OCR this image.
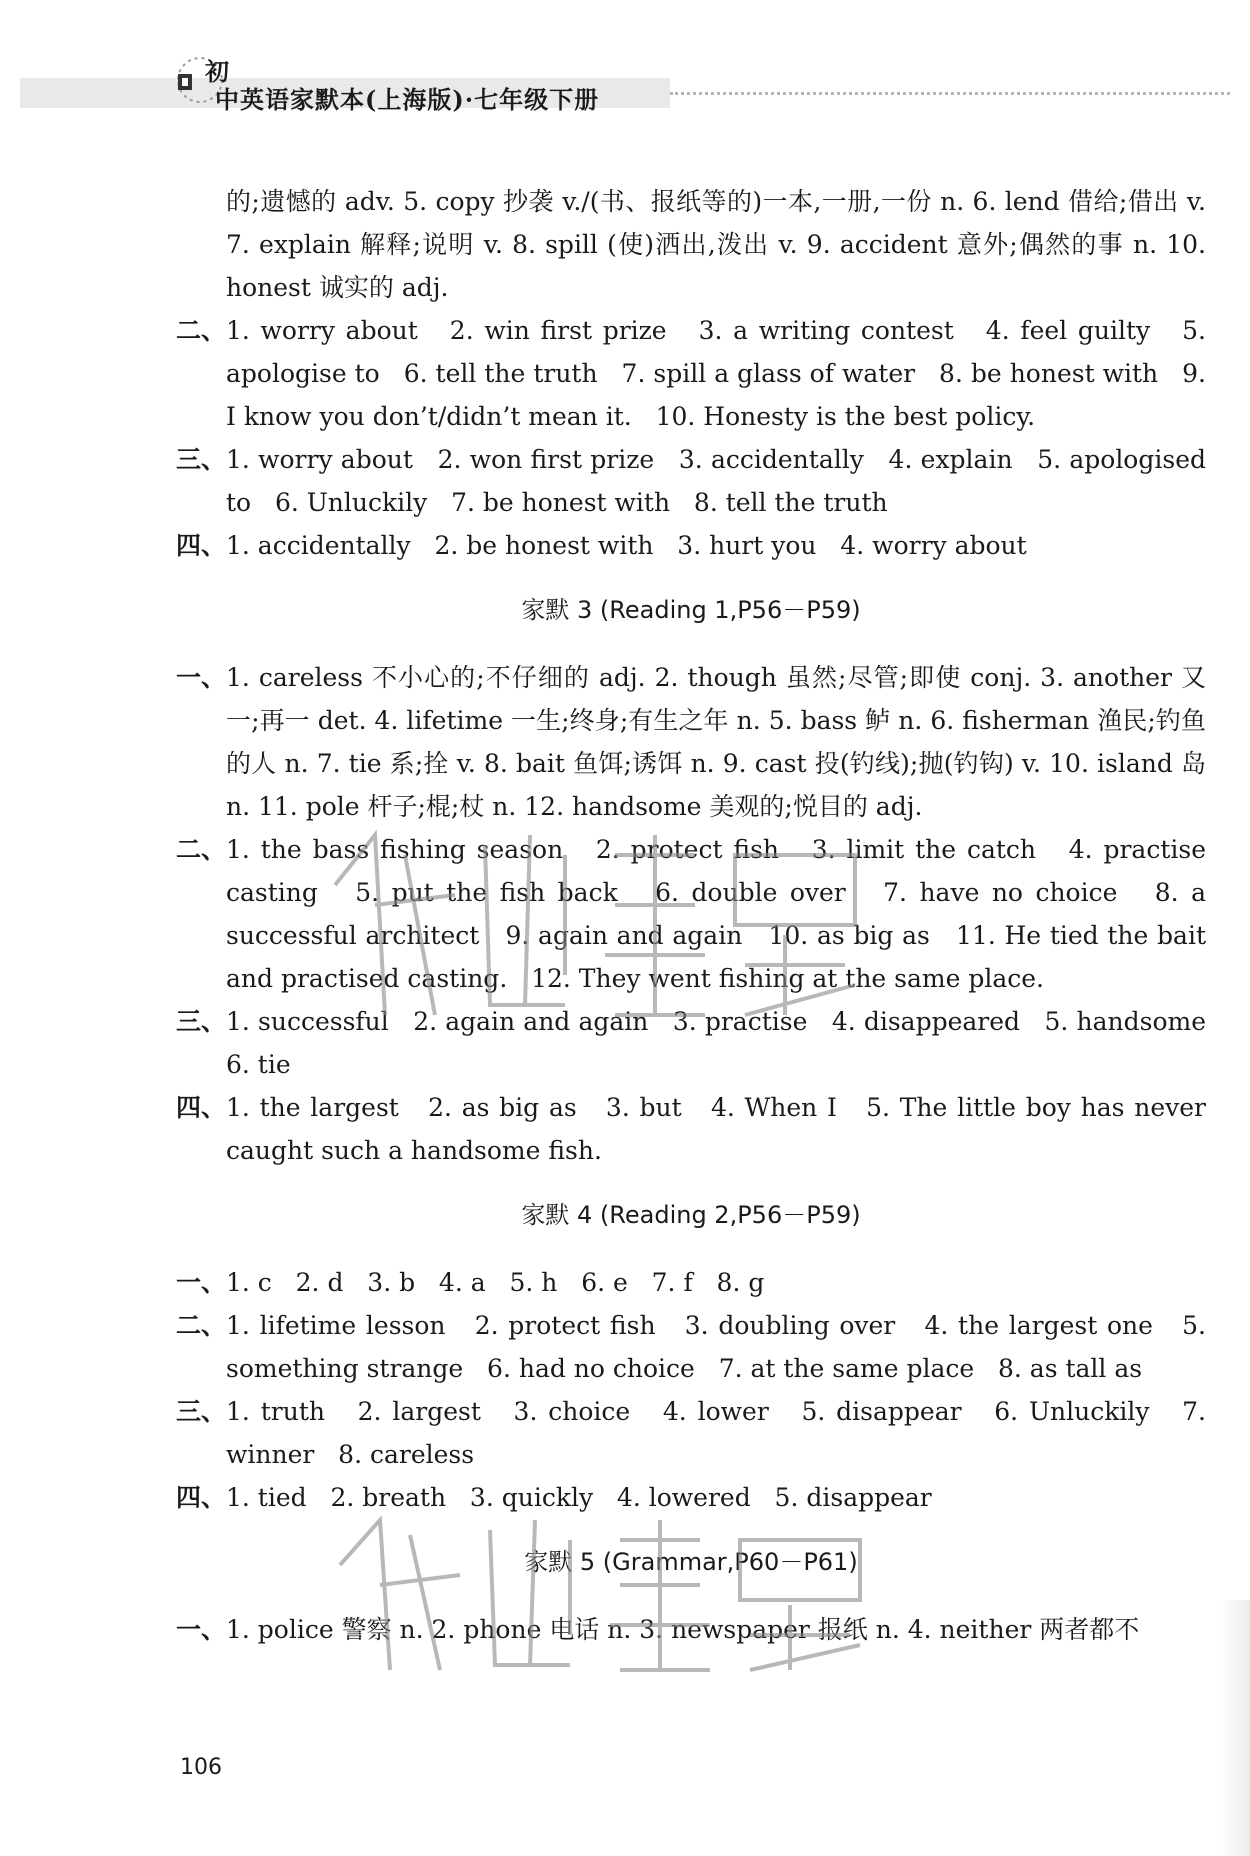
初
中英语家默本(上海版)·七年级下册
的;遗憾的 adv. 5. copy 抄袭 v./(书、报纸等的)一本,一册,一份 n. 6. lend 借给;借出 v. 7. explain 解释;说明 v. 8. spill (使)洒出,泼出 v. 9. accident 意外;偶然的事 n. 10. honest 诚实的 adj.
二、 1. worry about   2. win first prize   3. a writing contest   4. feel guilty   5. apologise to   6. tell the truth   7. spill a glass of water   8. be honest with   9. I know you don’t/didn’t mean it.   10. Honesty is the best policy.
三、 1. worry about   2. won first prize   3. accidentally   4. explain   5. apologised to   6. Unluckily   7. be honest with   8. tell the truth
四、 1. accidentally   2. be honest with   3. hurt you   4. worry about
家默 3 (Reading 1,P56－P59)
一、 1. careless 不小心的;不仔细的 adj. 2. though 虽然;尽管;即使 conj. 3. another 又一;再一 det. 4. lifetime 一生;终身;有生之年 n. 5. bass 鲈 n. 6. fisherman 渔民;钓鱼的人 n. 7. tie 系;拴 v. 8. bait 鱼饵;诱饵 n. 9. cast 投(钓线);抛(钓钩) v. 10. island 岛 n. 11. pole 杆子;棍;杖 n. 12. handsome 美观的;悦目的 adj.
二、 1. the bass fishing season   2. protect fish   3. limit the catch   4. practise casting   5. put the fish back   6. double over   7. have no choice   8. a successful architect   9. again and again   10. as big as   11. He tied the bait and practised casting.   12. They went fishing at the same place.
三、 1. successful   2. again and again   3. practise   4. disappeared   5. handsome   6. tie
四、 1. the largest   2. as big as   3. but   4. When I   5. The little boy has never caught such a handsome fish.
家默 4 (Reading 2,P56－P59)
一、 1. c   2. d   3. b   4. a   5. h   6. e   7. f   8. g
二、 1. lifetime lesson   2. protect fish   3. doubling over   4. the largest one   5. something strange   6. had no choice   7. at the same place   8. as tall as
三、 1. truth   2. largest   3. choice   4. lower   5. disappear   6. Unluckily   7. winner   8. careless
四、 1. tied   2. breath   3. quickly   4. lowered   5. disappear
家默 5 (Grammar,P60－P61)
一、 1. police 警察 n. 2. phone 电话 n. 3. newspaper 报纸 n. 4. neither 两者都不
106
